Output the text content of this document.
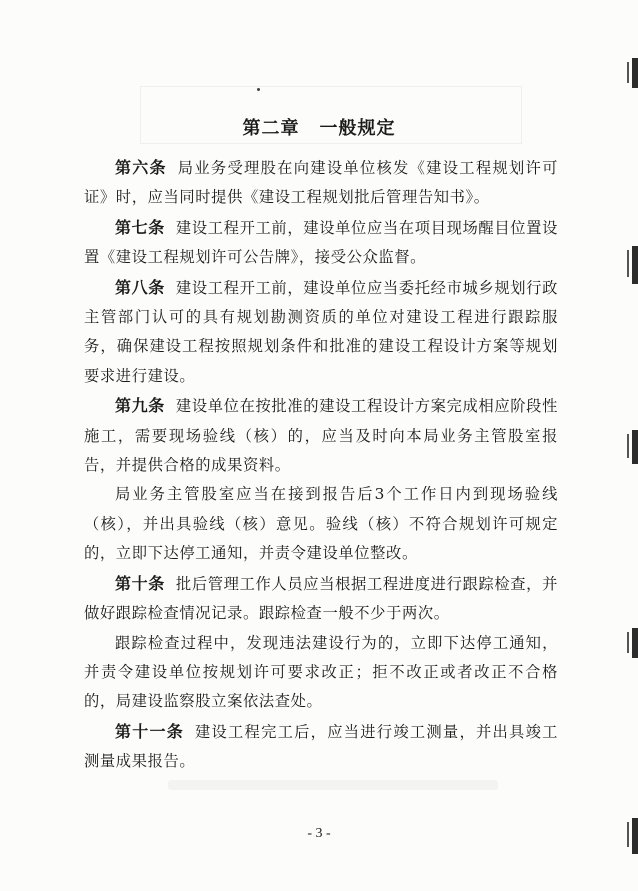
第二章 一般规定

第六条 局业务受理股在向建设单位核发《建设工程规划许可证》时，应当同时提供《建设工程规划批后管理告知书》。

第七条 建设工程开工前，建设单位应当在项目现场醒目位置设置《建设工程规划许可公告牌》，接受公众监督。

第八条 建设工程开工前，建设单位应当委托经市城乡规划行政主管部门认可的具有规划勘测资质的单位对建设工程进行跟踪服务，确保建设工程按照规划条件和批准的建设工程设计方案等规划要求进行建设。

第九条 建设单位在按批准的建设工程设计方案完成相应阶段性施工，需要现场验线（核）的，应当及时向本局业务主管股室报告，并提供合格的成果资料。

局业务主管股室应当在接到报告后3个工作日内到现场验线（核），并出具验线（核）意见。验线（核）不符合规划许可规定的，立即下达停工通知，并责令建设单位整改。

第十条 批后管理工作人员应当根据工程进度进行跟踪检查，并做好跟踪检查情况记录。跟踪检查一般不少于两次。

跟踪检查过程中，发现违法建设行为的，立即下达停工通知，并责令建设单位按规划许可要求改正；拒不改正或者改正不合格的，局建设监察股立案依法查处。

第十一条 建设工程完工后，应当进行竣工测量，并出具竣工测量成果报告。

- 3 -
